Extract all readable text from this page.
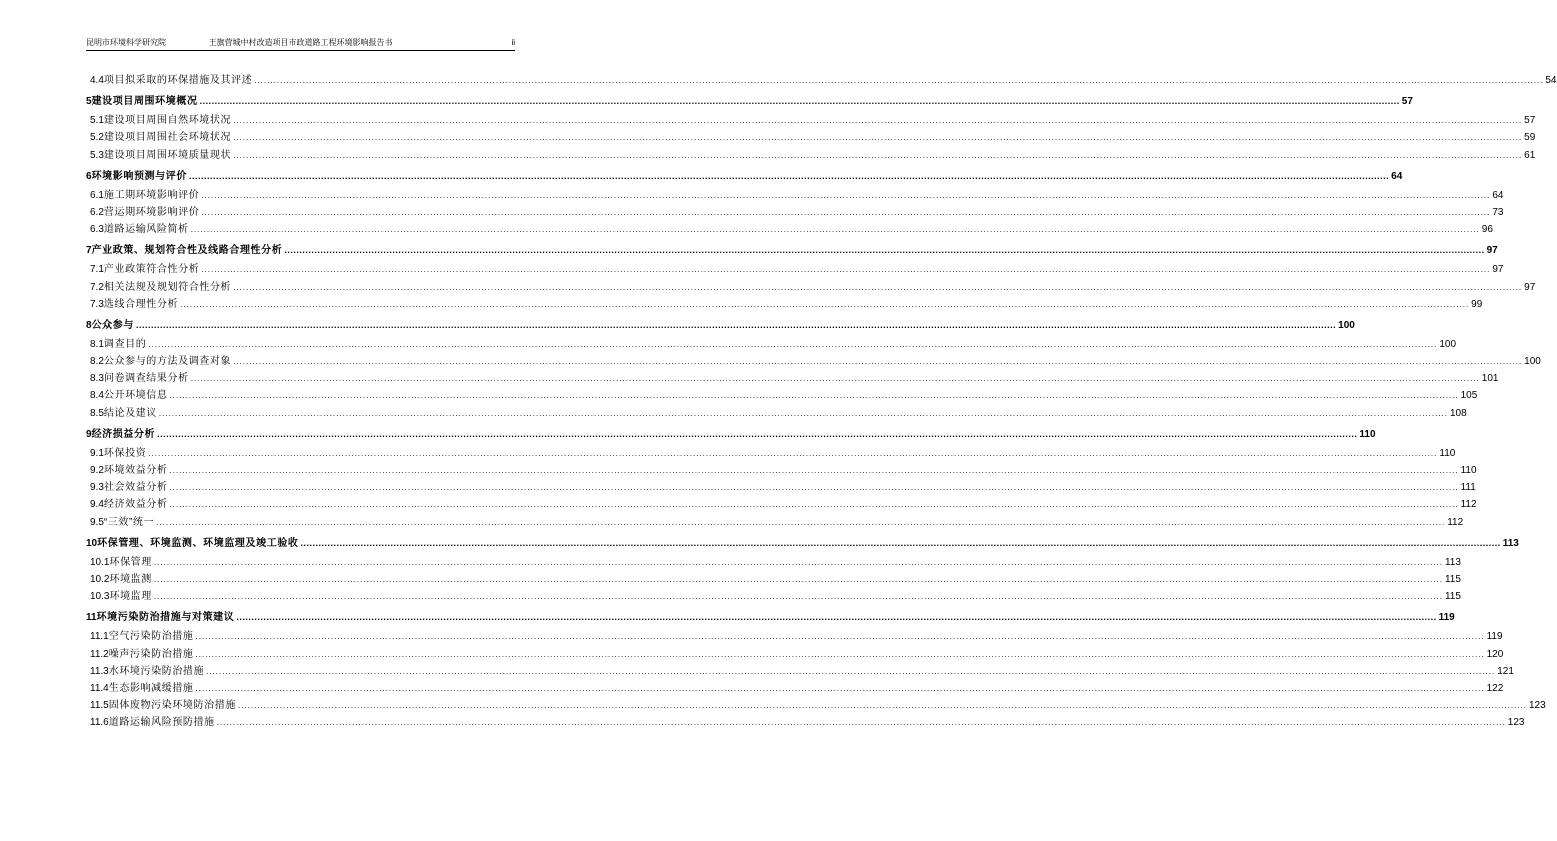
昆明市环境科学研究院	王旗营城中村改造项目市政道路工程环境影响报告书	ii
4.4 项目拟采取的环保措施及其评述 ................................................................................................................................................................................................................................................................................................................................................................................................................ 54
5 建设项目周围环境概况 ................................................................................................................................................................................................................................................................................................................................................................................................................ 57
5.1 建设项目周围自然环境状况 ................................................................................................................................................................................................................................................................................................................................................................................................................ 57
5.2 建设项目周围社会环境状况 ................................................................................................................................................................................................................................................................................................................................................................................................................ 59
5.3 建设项目周围环境质量现状 ................................................................................................................................................................................................................................................................................................................................................................................................................ 61
6 环境影响预测与评价 ................................................................................................................................................................................................................................................................................................................................................................................................................ 64
6.1 施工期环境影响评价 ................................................................................................................................................................................................................................................................................................................................................................................................................ 64
6.2 营运期环境影响评价 ................................................................................................................................................................................................................................................................................................................................................................................................................ 73
6.3 道路运输风险简析 ................................................................................................................................................................................................................................................................................................................................................................................................................ 96
7 产业政策、规划符合性及线路合理性分析 ................................................................................................................................................................................................................................................................................................................................................................................................................ 97
7.1 产业政策符合性分析 ................................................................................................................................................................................................................................................................................................................................................................................................................ 97
7.2 相关法规及规划符合性分析 ................................................................................................................................................................................................................................................................................................................................................................................................................ 97
7.3 选线合理性分析 ................................................................................................................................................................................................................................................................................................................................................................................................................ 99
8 公众参与 ................................................................................................................................................................................................................................................................................................................................................................................................................ 100
8.1 调查目的 ................................................................................................................................................................................................................................................................................................................................................................................................................ 100
8.2 公众参与的方法及调查对象 ................................................................................................................................................................................................................................................................................................................................................................................................................ 100
8.3 问卷调查结果分析 ................................................................................................................................................................................................................................................................................................................................................................................................................ 101
8.4 公开环境信息 ................................................................................................................................................................................................................................................................................................................................................................................................................ 105
8.5 结论及建议 ................................................................................................................................................................................................................................................................................................................................................................................................................ 108
9 经济损益分析 ................................................................................................................................................................................................................................................................................................................................................................................................................ 110
9.1 环保投资 ................................................................................................................................................................................................................................................................................................................................................................................................................ 110
9.2 环境效益分析 ................................................................................................................................................................................................................................................................................................................................................................................................................ 110
9.3 社会效益分析 ................................................................................................................................................................................................................................................................................................................................................................................................................ 111
9.4 经济效益分析 ................................................................................................................................................................................................................................................................................................................................................................................................................ 112
9.5 “三效”统一 ................................................................................................................................................................................................................................................................................................................................................................................................................ 112
10 环保管理、环境监测、环境监理及竣工验收 ................................................................................................................................................................................................................................................................................................................................................................................................................ 113
10.1 环保管理 ................................................................................................................................................................................................................................................................................................................................................................................................................ 113
10.2 环境监测 ................................................................................................................................................................................................................................................................................................................................................................................................................ 115
10.3 环境监理 ................................................................................................................................................................................................................................................................................................................................................................................................................ 115
11 环境污染防治措施与对策建议 ................................................................................................................................................................................................................................................................................................................................................................................................................ 119
11.1 空气污染防治措施 ................................................................................................................................................................................................................................................................................................................................................................................................................ 119
11.2 噪声污染防治措施 ................................................................................................................................................................................................................................................................................................................................................................................................................ 120
11.3 水环境污染防治措施 ................................................................................................................................................................................................................................................................................................................................................................................................................ 121
11.4 生态影响减缓措施 ................................................................................................................................................................................................................................................................................................................................................................................................................ 122
11.5 固体废物污染环境防治措施 ................................................................................................................................................................................................................................................................................................................................................................................................................ 123
11.6 道路运输风险预防措施 ................................................................................................................................................................................................................................................................................................................................................................................................................ 123
